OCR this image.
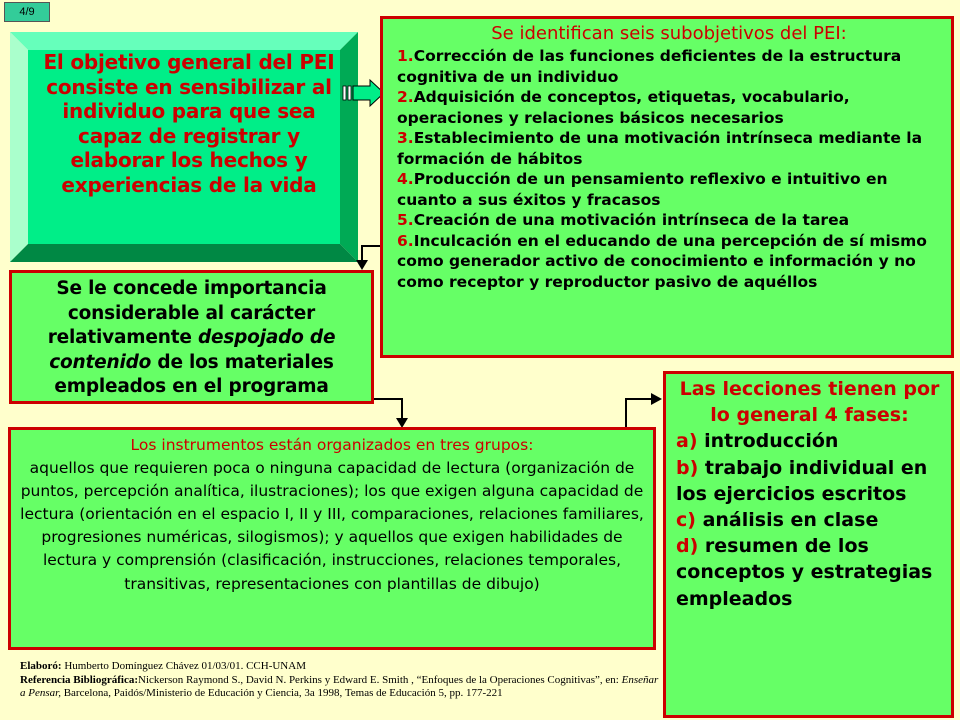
4/9
El objetivo general del PEI consiste en sensibilizar al individuo para que sea capaz de registrar y elaborar los hechos y experiencias de la vida
Se identifican seis subobjetivos del PEI:
1.Corrección de las funciones deficientes de la estructura cognitiva de un individuo
2.Adquisición de conceptos, etiquetas, vocabulario, operaciones y relaciones básicos necesarios
3.Establecimiento de una motivación intrínseca mediante la formación de hábitos
4.Producción de un pensamiento reflexivo e intuitivo en cuanto a sus éxitos y fracasos
5.Creación de una motivación intrínseca de la tarea
6.Inculcación en el educando de una percepción de sí mismo como generador activo de conocimiento e información y no como receptor y reproductor pasivo de aquéllos
Se le concede importancia considerable al carácter relativamente despojado de contenido de los materiales empleados en el programa
Los instrumentos están organizados en tres grupos:
aquellos que requieren poca o ninguna capacidad de lectura (organización de puntos, percepción analítica, ilustraciones); los que exigen alguna capacidad de lectura (orientación en el espacio I, II y III, comparaciones, relaciones familiares, progresiones numéricas, silogismos); y aquellos que exigen habilidades de lectura y comprensión (clasificación, instrucciones, relaciones temporales, transitivas, representaciones con plantillas de dibujo)
Las lecciones tienen por lo general 4 fases:
a) introducción
b) trabajo individual en los ejercicios escritos
c) análisis en clase
d) resumen de los conceptos y estrategias empleados
Elaboró: Humberto Domínguez Chávez 01/03/01. CCH-UNAM
Referencia Bibliográfica:Nickerson Raymond S., David N. Perkins y Edward E. Smith , “Enfoques de la Operaciones Cognitivas”, en: Enseñar a Pensar, Barcelona, Paidós/Ministerio de Educación y Ciencia, 3a 1998, Temas de Educación 5, pp. 177-221
